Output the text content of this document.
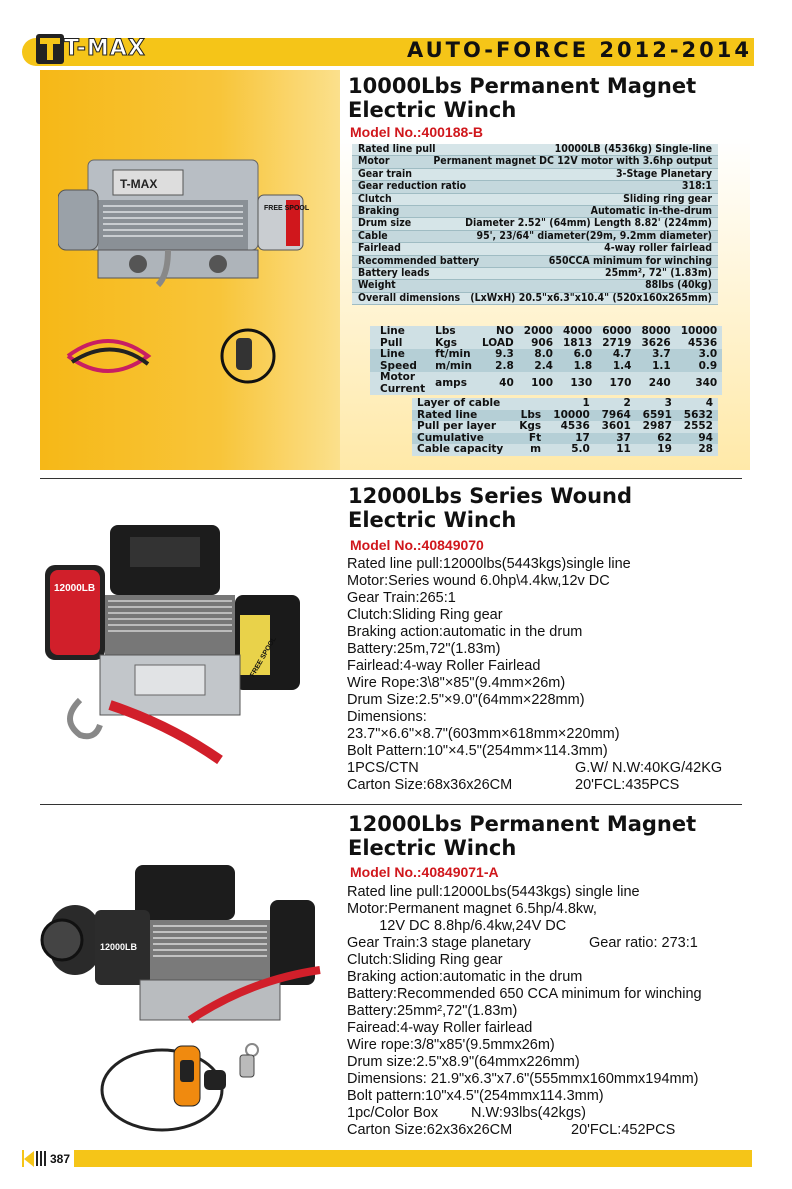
T-MAX	AUTO-FORCE 2012-2014
10000Lbs Permanent Magnet
Electric Winch
Model No.:400188-B
T-MAX
FREE SPOOL
Rated line pull	10000LB (4536kg) Single-line
Motor	Permanent magnet DC 12V motor with 3.6hp output
Gear train	3-Stage Planetary
Gear reduction ratio	318:1
Clutch	Sliding ring gear
Braking	Automatic in-the-drum
Drum size	Diameter 2.52" (64mm) Length 8.82' (224mm)
Cable	95', 23/64" diameter(29m, 9.2mm diameter)
Fairlead	4-way roller fairlead
Recommended battery	650CCA minimum for winching
Battery leads	25mm², 72" (1.83m)
Weight	88lbs (40kg)
Overall dimensions (LxWxH) 20.5"x6.3"x10.4" (520x160x265mm)
Line Pull	Lbs	NO	2000	4000	6000	8000	10000
	Kgs	LOAD	906	1813	2719	3626	4536
Line Speed	ft/min	9.3	8.0	6.0	4.7	3.7	3.0
	m/min	2.8	2.4	1.8	1.4	1.1	0.9
Motor Current	amps	40	100	130	170	240	340
Layer of cable		1	2	3	4
Rated line	Lbs	10000	7964	6591	5632
Pull per layer	Kgs	4536	3601	2987	2552
Cumulative	Ft	17	37	62	94
Cable capacity	m	5.0	11	19	28
12000Lbs Series Wound
Electric Winch
Model No.:40849070
12000LB
FREE SPOOL
Rated line pull:12000lbs(5443kgs)single line
Motor:Series wound 6.0hp\4.4kw,12v DC
Gear Train:265:1
Clutch:Sliding Ring gear
Braking action:automatic in the drum
Battery:25m,72"(1.83m)
Fairlead:4-way Roller Fairlead
Wire Rope:3\8"×85"(9.4mm×26m)
Drum Size:2.5"×9.0"(64mm×228mm)
Dimensions:
23.7"×6.6"×8.7"(603mm×618mm×220mm)
Bolt Pattern:10"×4.5"(254mm×114.3mm)
1PCS/CTN	G.W/ N.W:40KG/42KG
Carton Size:68x36x26CM	20'FCL:435PCS
12000Lbs Permanent Magnet
Electric Winch
Model No.:40849071-A
12000LB
Rated line pull:12000Lbs(5443kgs) single line
Motor:Permanent magnet 6.5hp/4.8kw,
12V DC 8.8hp/6.4kw,24V DC
Gear Train:3 stage planetary	Gear ratio: 273:1
Clutch:Sliding Ring gear
Braking action:automatic in the drum
Battery:Recommended 650 CCA minimum for winching
Battery:25mm²,72"(1.83m)
Fairead:4-way Roller fairlead
Wire rope:3/8"x85'(9.5mmx26m)
Drum size:2.5"x8.9"(64mmx226mm)
Dimensions: 21.9"x6.3"x7.6"(555mmx160mmx194mm)
Bolt pattern:10"x4.5"(254mmx114.3mm)
1pc/Color Box	N.W:93lbs(42kgs)
Carton Size:62x36x26CM	20'FCL:452PCS
387
